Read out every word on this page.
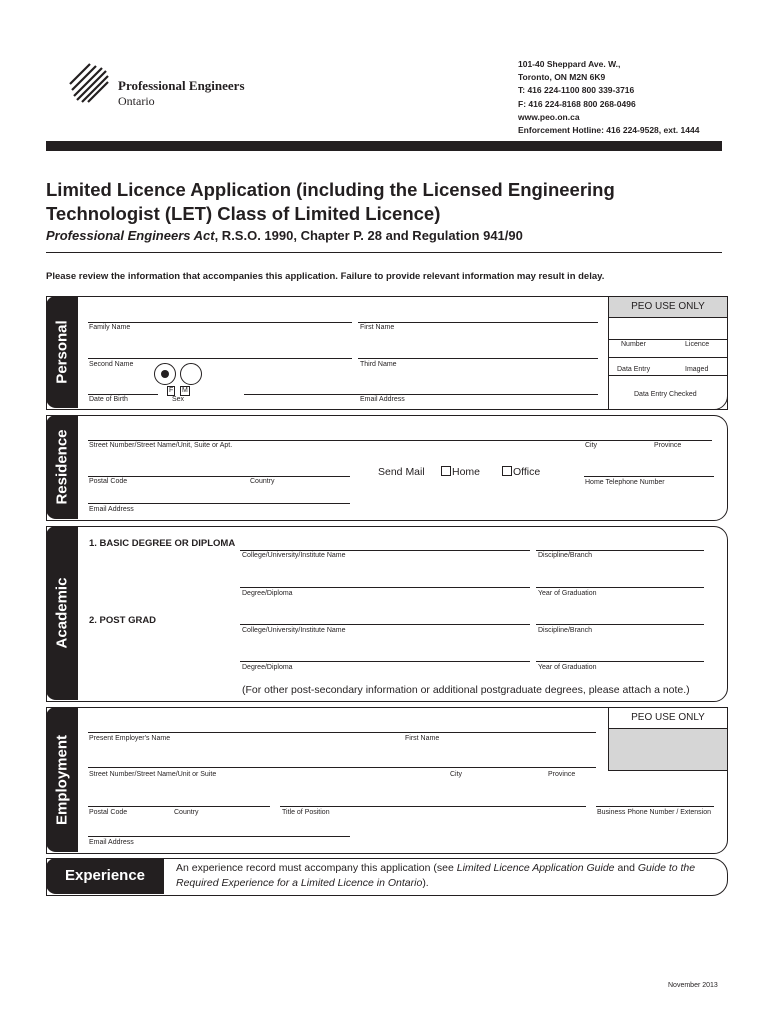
Professional Engineers
Ontario
101-40 Sheppard Ave. W.,
Toronto, ON M2N 6K9
T: 416 224-1100 800 339-3716
F: 416 224-8168 800 268-0496
www.peo.on.ca
Enforcement Hotline: 416 224-9528, ext. 1444
Limited Licence Application (including the Licensed Engineering
Technologist (LET) Class of Limited Licence)
Professional Engineers Act, R.S.O. 1990, Chapter P. 28 and Regulation 941/90
Please review the information that accompanies this application. Failure to provide relevant information may result in delay.
Personal	Family Name	First Name
Second Name	Third Name
F M
Date of Birth	Sex	Email Address
PEO USE ONLY
Number	Licence
Data Entry	Imaged
Data Entry Checked
Residence	Street Number/Street Name/Unit, Suite or Apt.	City	Province
Send Mail	Home	Office
Postal Code	Country	Home Telephone Number
Email Address
Academic
1. BASIC DEGREE OR DIPLOMA
College/University/Institute Name	Discipline/Branch
Degree/Diploma	Year of Graduation
2. POST GRAD
College/University/Institute Name	Discipline/Branch
Degree/Diploma	Year of Graduation
(For other post-secondary information or additional postgraduate degrees, please attach a note.)
Employment	Present Employer's Name	First Name
Street Number/Street Name/Unit or Suite	City	Province
Postal Code	Country	Title of Position	Business Phone Number / Extension
Email Address
PEO USE ONLY
Experience	An experience record must accompany this application (see Limited Licence Application Guide and Guide to the Required Experience for a Limited Licence in Ontario).
November 2013
